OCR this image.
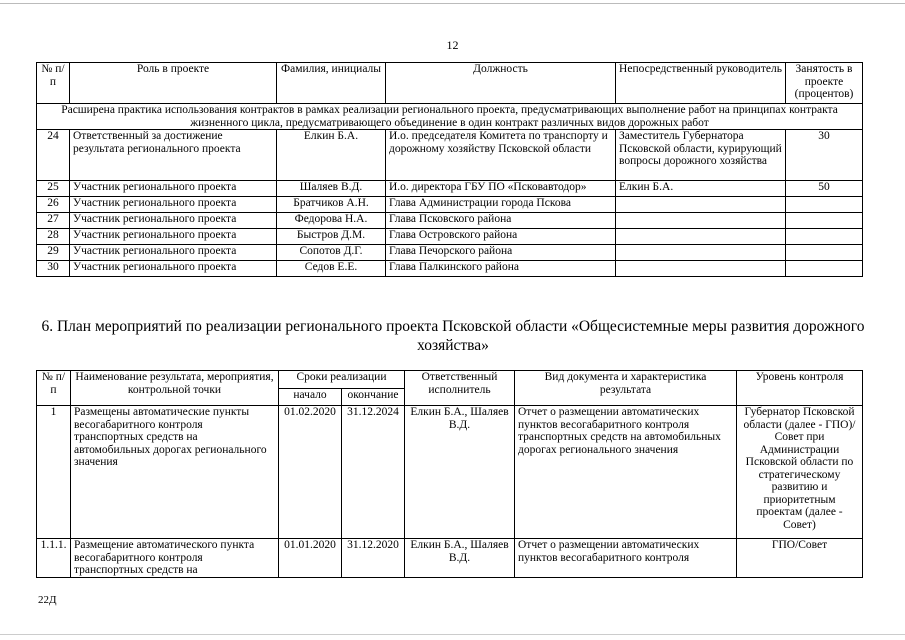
12
№ п/п	Роль в проекте	Фамилия, инициалы	Должность	Непосредственный руководитель	Занятость в проекте (процентов)
Расширена практика использования контрактов в рамках реализации регионального проекта, предусматривающих выполнение работ на принципах контракта жизненного цикла, предусматривающего объединение в один контракт различных видов дорожных работ					
24	Ответственный за достижение результата регионального проекта	Елкин Б.А.	И.о. председателя Комитета по транспорту и дорожному хозяйству Псковской области	Заместитель Губернатора Псковской области, курирующий вопросы дорожного хозяйства	30
25	Участник регионального проекта	Шаляев В.Д.	И.о. директора ГБУ ПО «Псковавтодор»	Елкин Б.А.	50
26	Участник регионального проекта	Братчиков А.Н.	Глава Администрации города Пскова		
27	Участник регионального проекта	Федорова Н.А.	Глава Псковского района		
28	Участник регионального проекта	Быстров Д.М.	Глава Островского района		
29	Участник регионального проекта	Сопотов Д.Г.	Глава Печорского района		
30	Участник регионального проекта	Седов Е.Е.	Глава Палкинского района		
6. План мероприятий по реализации регионального проекта Псковской области «Общесистемные меры развития дорожного хозяйства»
№ п/п	Наименование результата, мероприятия, контрольной точки	Сроки реализации		Ответственный исполнитель	Вид документа и характеристика результата	Уровень контроля
		начало	окончание			
1	Размещены автоматические пункты весогабаритного контроля транспортных средств на автомобильных дорогах регионального значения	01.02.2020	31.12.2024	Елкин Б.А., Шаляев В.Д.	Отчет о размещении автоматических пунктов весогабаритного контроля транспортных средств на автомобильных дорогах регионального значения	Губернатор Псковской области (далее - ГПО)/ Совет при Администрации Псковской области по стратегическому развитию и приоритетным проектам (далее - Совет)
1.1.1.	Размещение автоматического пункта весогабаритного контроля транспортных средств на	01.01.2020	31.12.2020	Елкин Б.А., Шаляев В.Д.	Отчет о размещении автоматических пунктов весогабаритного контроля	ГПО/Совет
22Д
